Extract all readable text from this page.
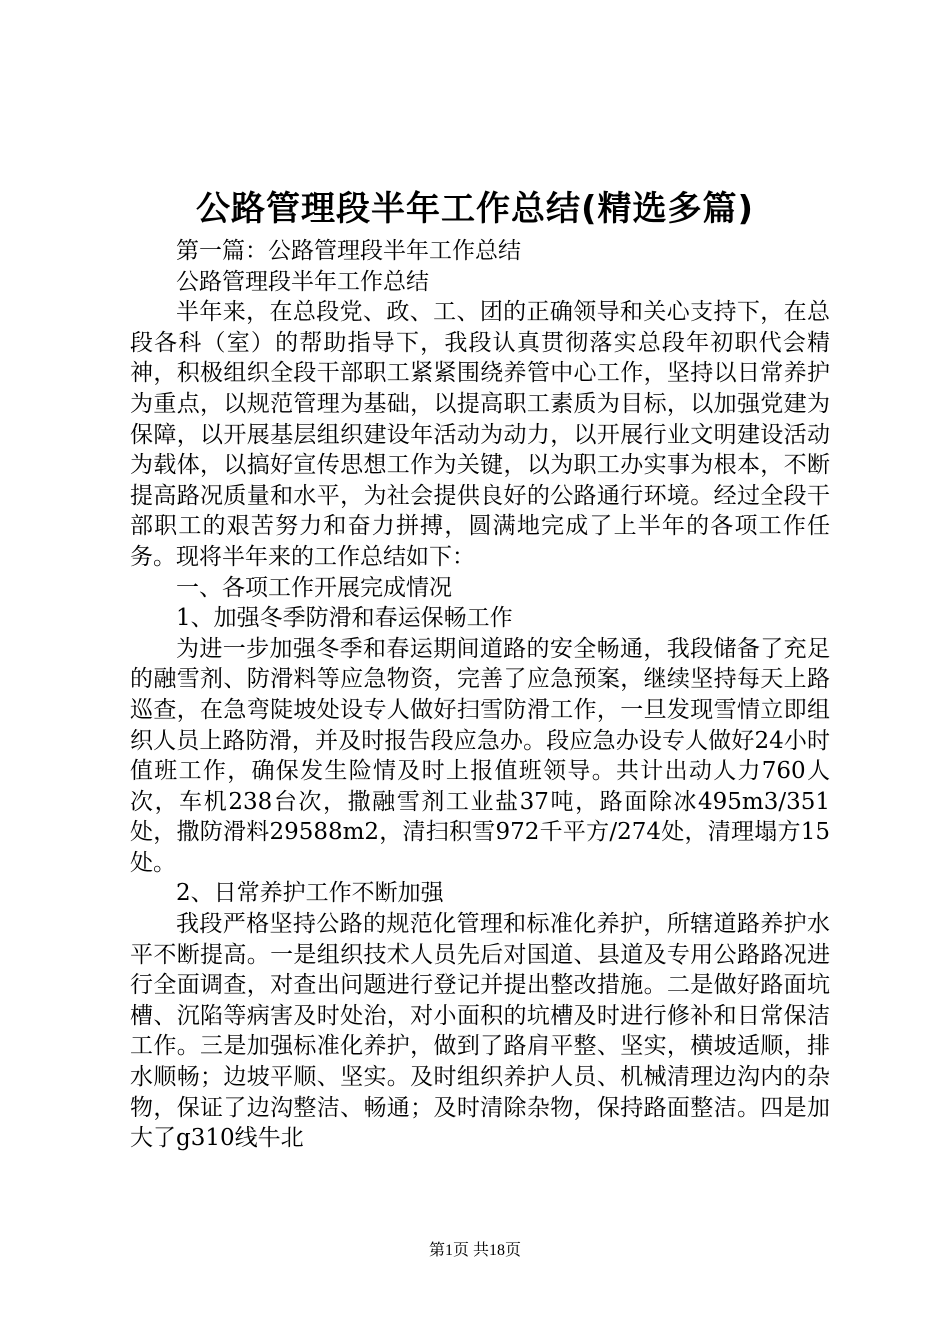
公路管理段半年工作总结(精选多篇)

第一篇：公路管理段半年工作总结

公路管理段半年工作总结

半年来，在总段党、政、工、团的正确领导和关心支持下，在总段各科（室）的帮助指导下，我段认真贯彻落实总段年初职代会精神，积极组织全段干部职工紧紧围绕养管中心工作，坚持以日常养护为重点，以规范管理为基础，以提高职工素质为目标，以加强党建为保障，以开展基层组织建设年活动为动力，以开展行业文明建设活动为载体，以搞好宣传思想工作为关键，以为职工办实事为根本，不断提高路况质量和水平，为社会提供良好的公路通行环境。经过全段干部职工的艰苦努力和奋力拼搏，圆满地完成了上半年的各项工作任务。现将半年来的工作总结如下：

一、各项工作开展完成情况

1、加强冬季防滑和春运保畅工作

为进一步加强冬季和春运期间道路的安全畅通，我段储备了充足的融雪剂、防滑料等应急物资，完善了应急预案，继续坚持每天上路巡查，在急弯陡坡处设专人做好扫雪防滑工作，一旦发现雪情立即组织人员上路防滑，并及时报告段应急办。段应急办设专人做好24小时值班工作，确保发生险情及时上报值班领导。共计出动人力760人次，车机238台次，撒融雪剂工业盐37吨，路面除冰495m3/351处，撒防滑料29588m2，清扫积雪972千平方/274处，清理塌方15处。

2、日常养护工作不断加强

我段严格坚持公路的规范化管理和标准化养护，所辖道路养护水平不断提高。一是组织技术人员先后对国道、县道及专用公路路况进行全面调查，对查出问题进行登记并提出整改措施。二是做好路面坑槽、沉陷等病害及时处治，对小面积的坑槽及时进行修补和日常保洁工作。三是加强标准化养护，做到了路肩平整、坚实，横坡适顺，排水顺畅；边坡平顺、坚实。及时组织养护人员、机械清理边沟内的杂物，保证了边沟整洁、畅通；及时清除杂物，保持路面整洁。四是加大了g310线牛北

第1页 共18页
